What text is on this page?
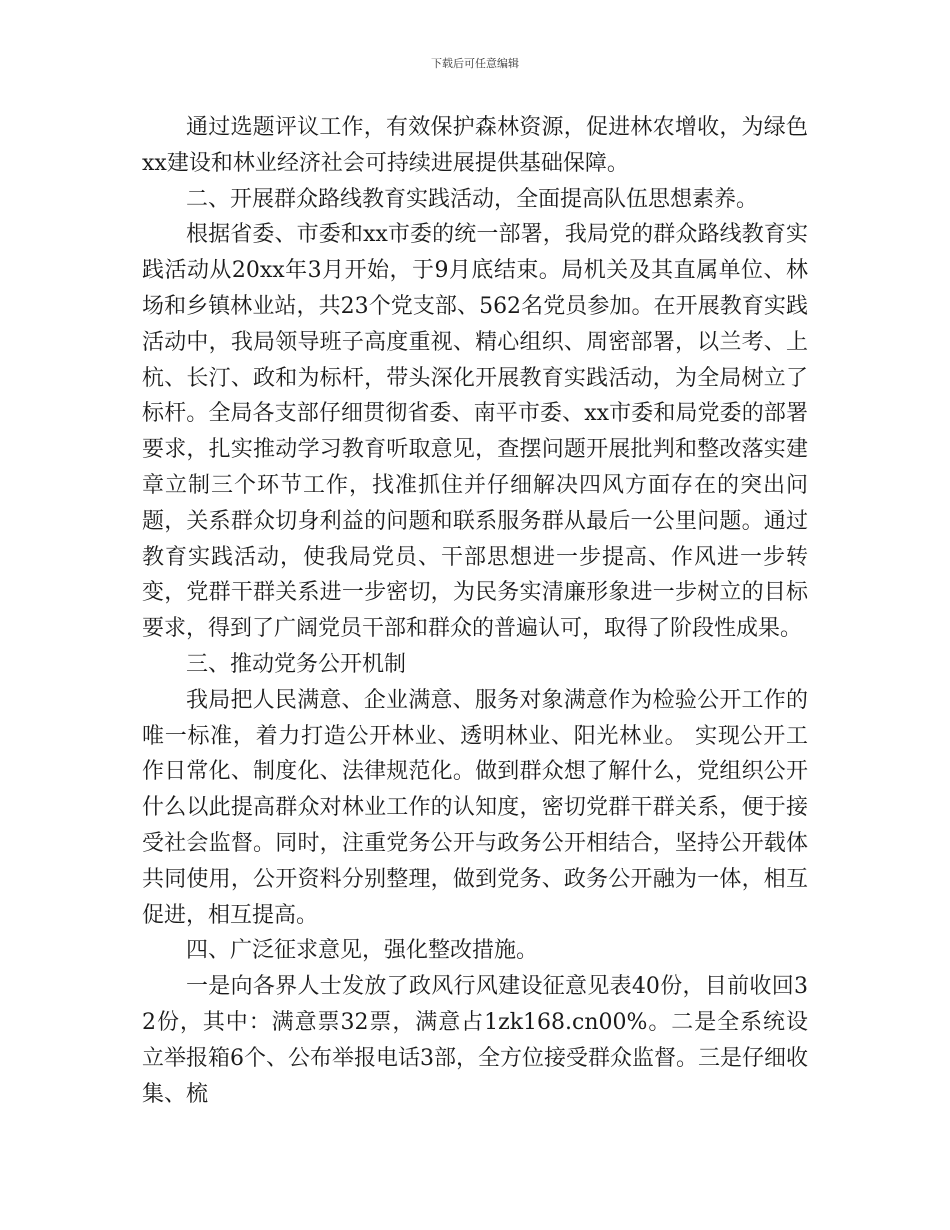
下载后可任意编辑

通过选题评议工作，有效保护森林资源，促进林农增收，为绿色xx建设和林业经济社会可持续进展提供基础保障。

二、开展群众路线教育实践活动，全面提高队伍思想素养。

根据省委、市委和xx市委的统一部署，我局党的群众路线教育实践活动从20xx年3月开始，于9月底结束。局机关及其直属单位、林场和乡镇林业站，共23个党支部、562名党员参加。在开展教育实践活动中，我局领导班子高度重视、精心组织、周密部署，以兰考、上杭、长汀、政和为标杆，带头深化开展教育实践活动，为全局树立了标杆。全局各支部仔细贯彻省委、南平市委、xx市委和局党委的部署要求，扎实推动学习教育听取意见，查摆问题开展批判和整改落实建章立制三个环节工作，找准抓住并仔细解决四风方面存在的突出问题，关系群众切身利益的问题和联系服务群从最后一公里问题。通过教育实践活动，使我局党员、干部思想进一步提高、作风进一步转变，党群干群关系进一步密切，为民务实清廉形象进一步树立的目标要求，得到了广阔党员干部和群众的普遍认可，取得了阶段性成果。

三、推动党务公开机制

我局把人民满意、企业满意、服务对象满意作为检验公开工作的唯一标准，着力打造公开林业、透明林业、阳光林业。 实现公开工作日常化、制度化、法律规范化。做到群众想了解什么，党组织公开什么以此提高群众对林业工作的认知度，密切党群干群关系，便于接受社会监督。同时，注重党务公开与政务公开相结合，坚持公开载体共同使用，公开资料分别整理，做到党务、政务公开融为一体，相互促进，相互提高。

四、广泛征求意见，强化整改措施。

一是向各界人士发放了政风行风建设征意见表40份，目前收回32份，其中：满意票32票，满意占1zk168.cn00%。二是全系统设立举报箱6个、公布举报电话3部，全方位接受群众监督。三是仔细收集、梳
